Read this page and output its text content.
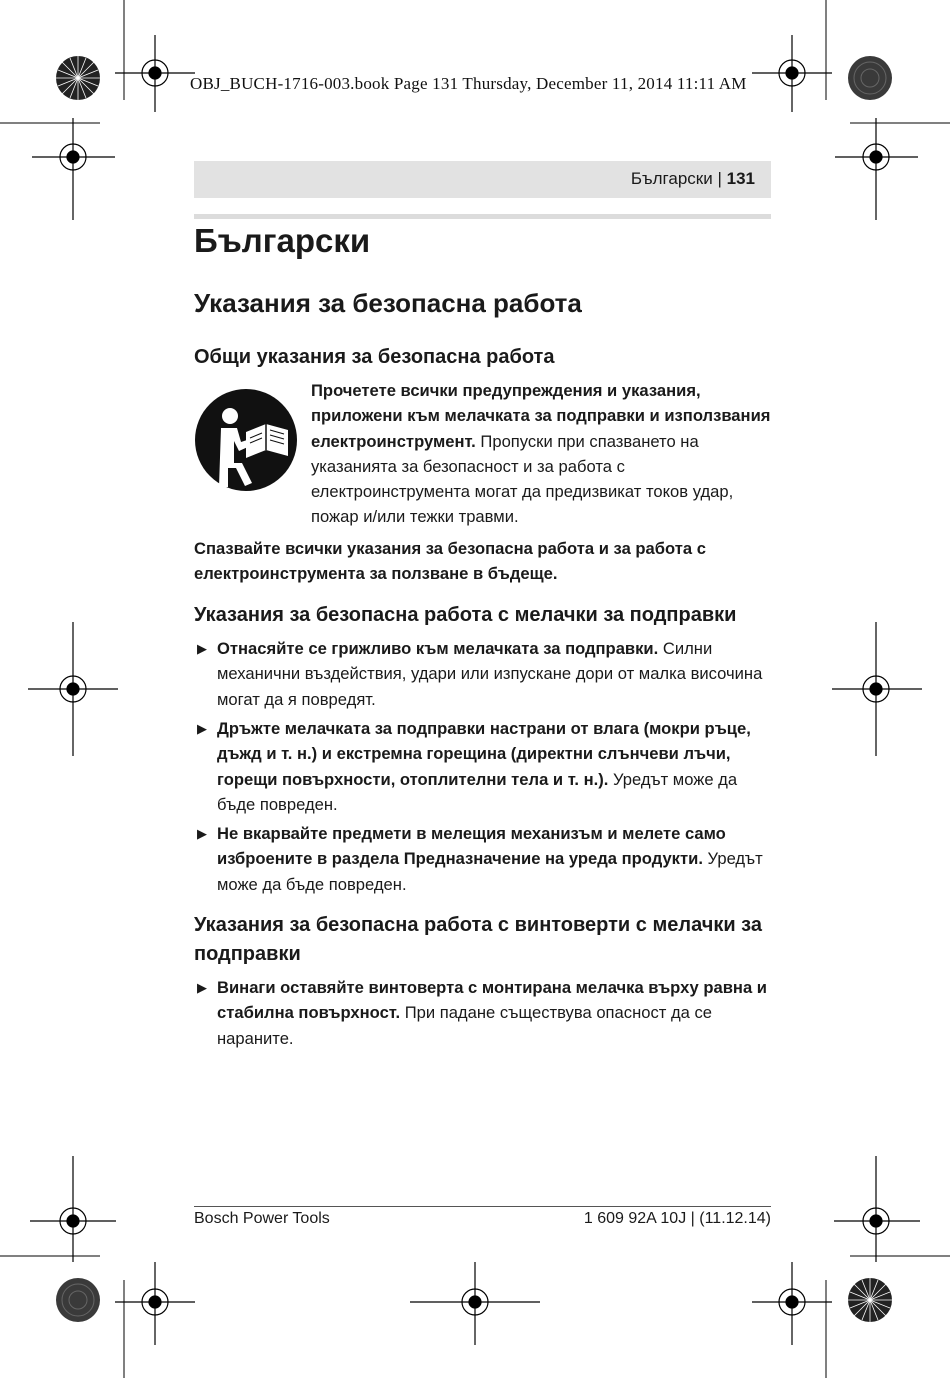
OBJ_BUCH-1716-003.book Page 131 Thursday, December 11, 2014 11:11 AM
Български | 131
Български
Указания за безопасна работа
Общи указания за безопасна работа
Прочетете всички предупреждения и указания, приложени към мелачката за подправки и използвания електроинструмент. Пропуски при спазването на указанията за безопасност и за работа с електроинструмента могат да предизвикат токов удар, пожар и/или тежки травми.
Спазвайте всички указания за безопасна работа и за работа с електроинструмента за ползване в бъдеще.
Указания за безопасна работа с мелачки за подправки
▶ Отнасяйте се грижливо към мелачката за подправки. Силни механични въздействия, удари или изпускане дори от малка височина могат да я повредят.
▶ Дръжте мелачката за подправки настрани от влага (мокри ръце, дъжд и т. н.) и екстремна горещина (директни слънчеви лъчи, горещи повърхности, отоплителни тела и т. н.). Уредът може да бъде повреден.
▶ Не вкарвайте предмети в мелещия механизъм и мелете само изброените в раздела Предназначение на уреда продукти. Уредът може да бъде повреден.
Указания за безопасна работа с винтоверти с мелачки за подправки
▶ Винаги оставяйте винтоверта с монтирана мелачка върху равна и стабилна повърхност. При падане съществува опасност да се нараните.
Bosch Power Tools	1 609 92A 10J | (11.12.14)
